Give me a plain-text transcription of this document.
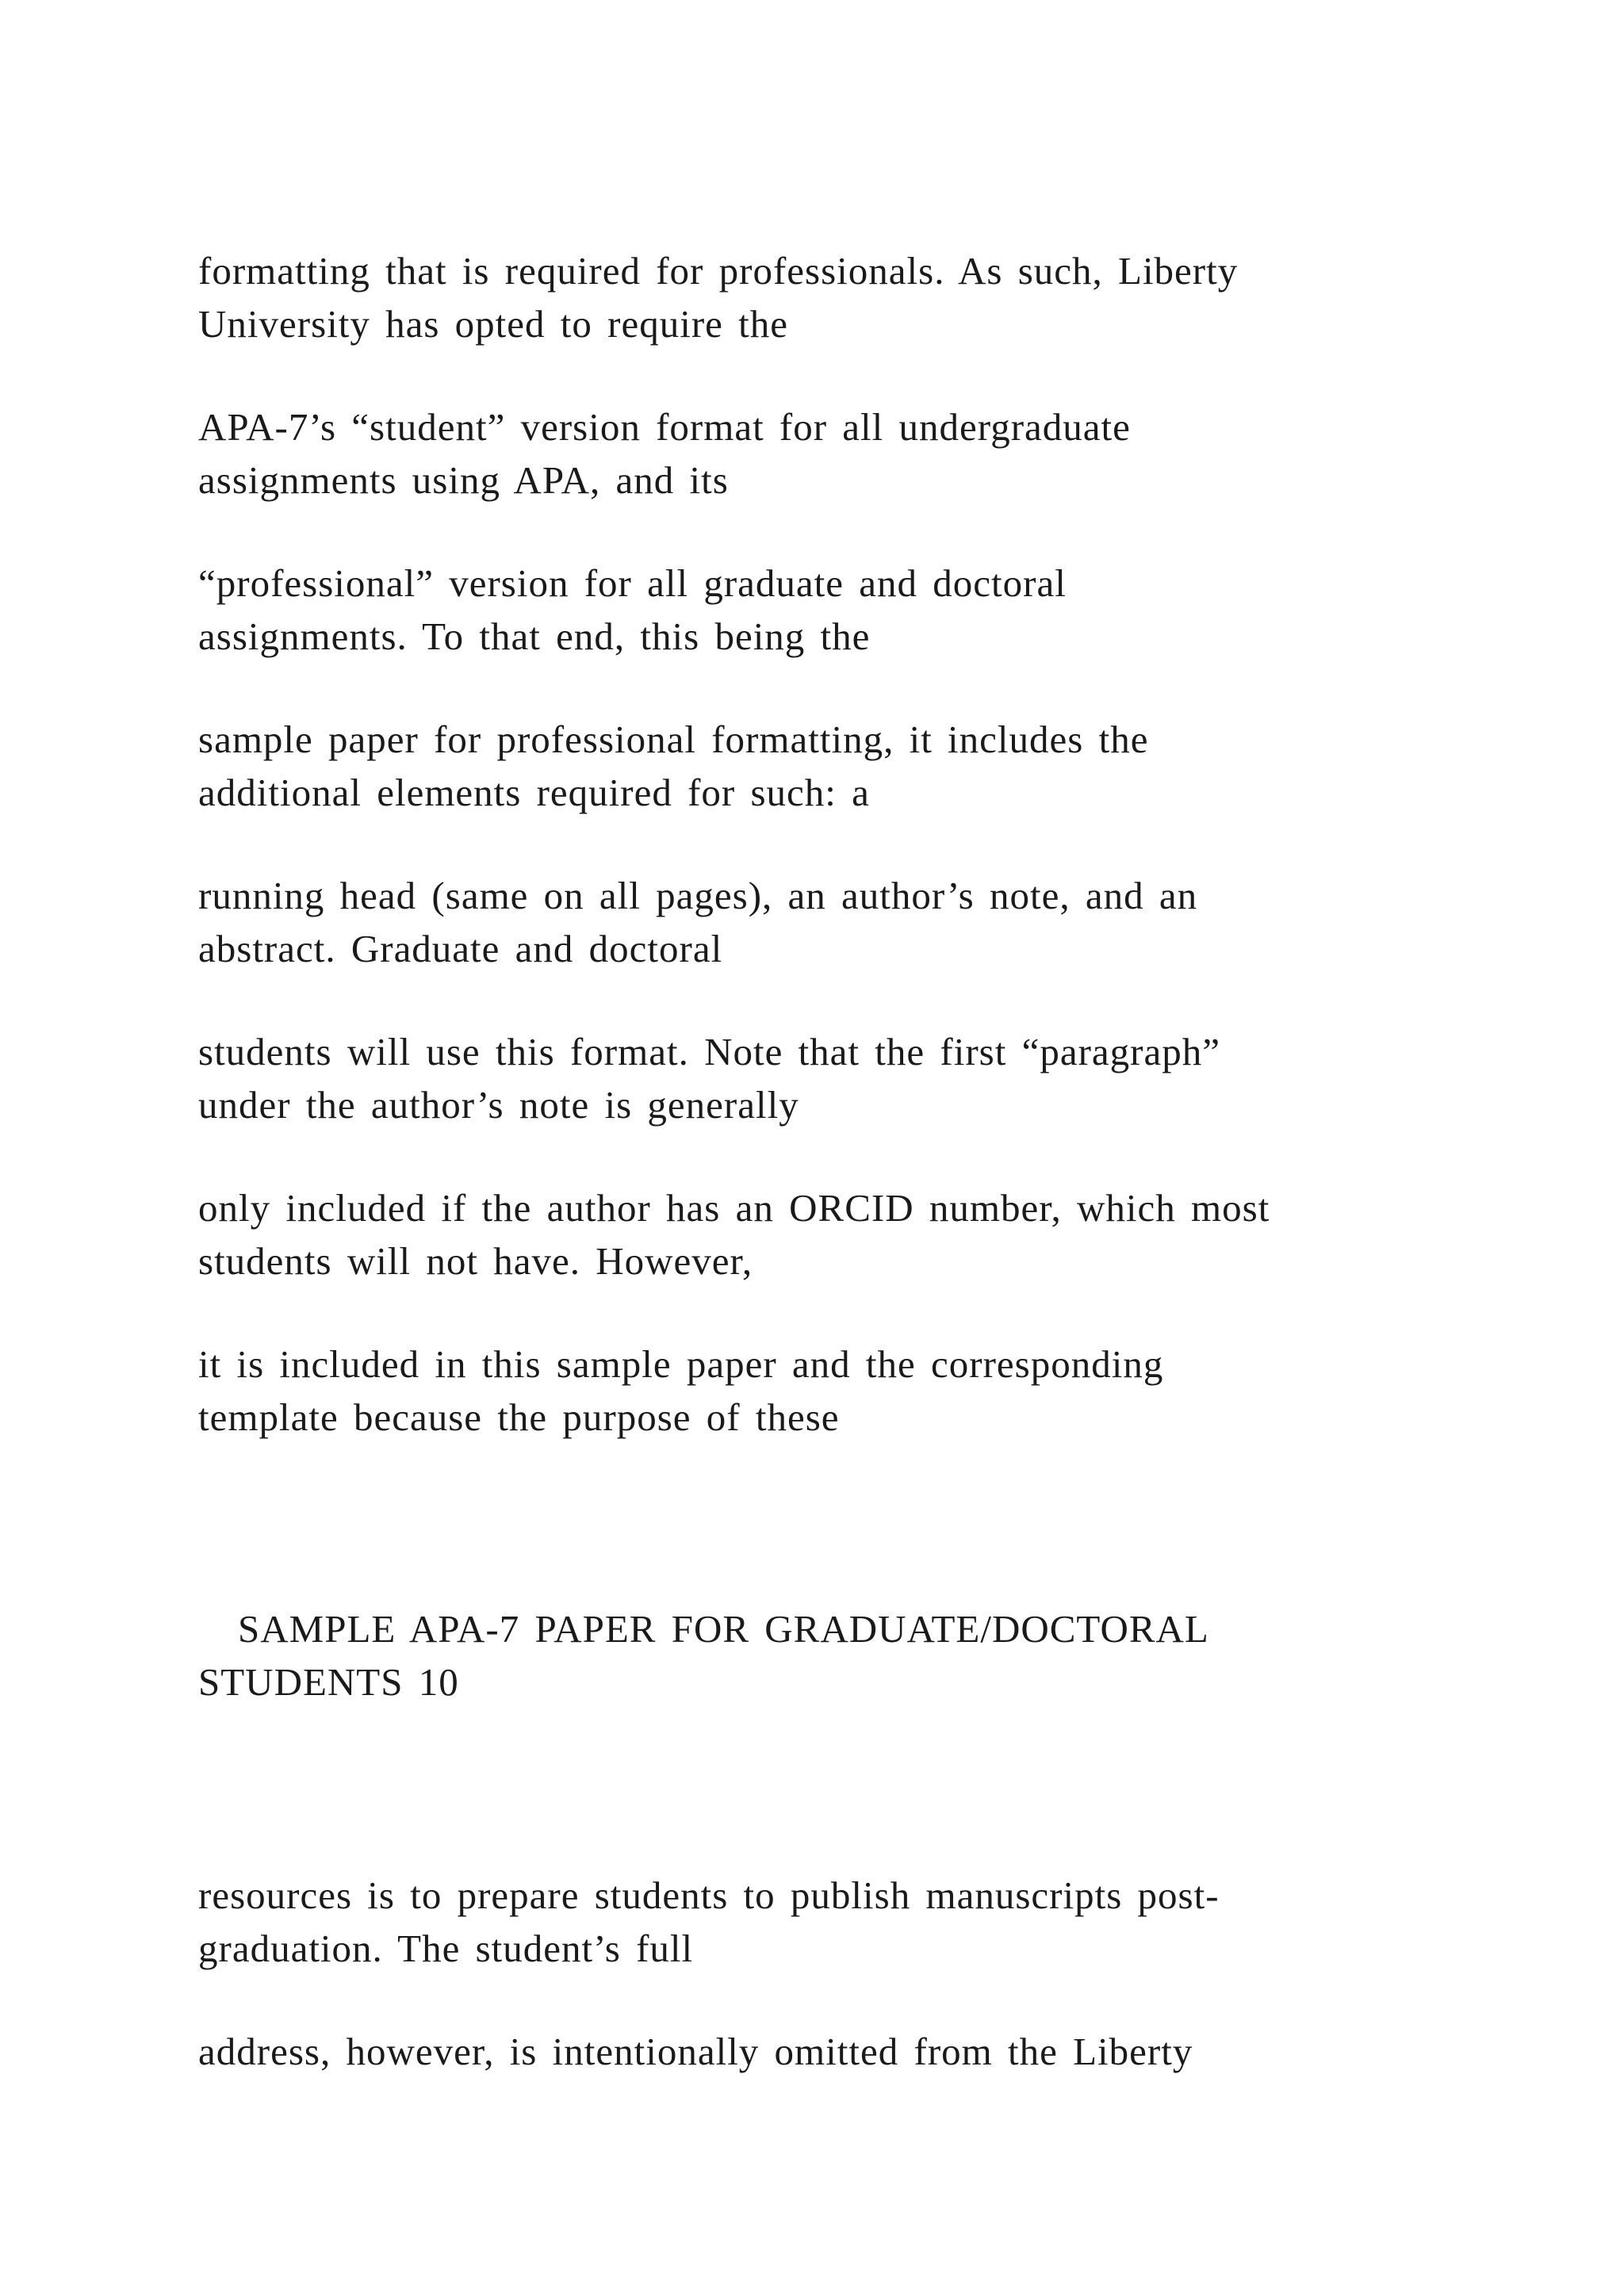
formatting that is required for professionals. As such, Liberty
University has opted to require the

APA-7’s “student” version format for all undergraduate
assignments using APA, and its

“professional” version for all graduate and doctoral
assignments. To that end, this being the

sample paper for professional formatting, it includes the
additional elements required for such: a

running head (same on all pages), an author’s note, and an
abstract. Graduate and doctoral

students will use this format. Note that the first “paragraph”
under the author’s note is generally

only included if the author has an ORCID number, which most
students will not have. However,

it is included in this sample paper and the corresponding
template because the purpose of these

SAMPLE APA-7 PAPER FOR GRADUATE/DOCTORAL
STUDENTS 10

resources is to prepare students to publish manuscripts post-
graduation. The student’s full

address, however, is intentionally omitted from the Liberty
